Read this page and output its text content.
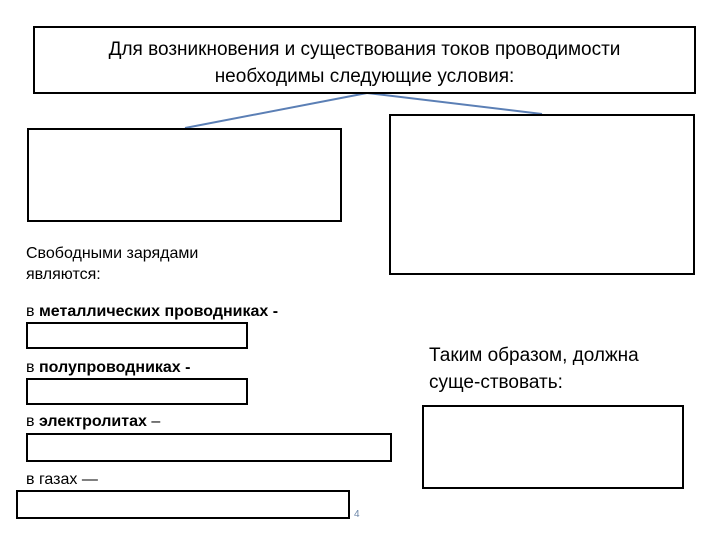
Для возникновения и существования токов проводимости
необходимы следующие условия:
Свободными зарядами
являются:
в металлических проводниках -
в полупроводниках -
в электролитах –
в газах —
Таким образом, должна
суще-ствовать:
4
